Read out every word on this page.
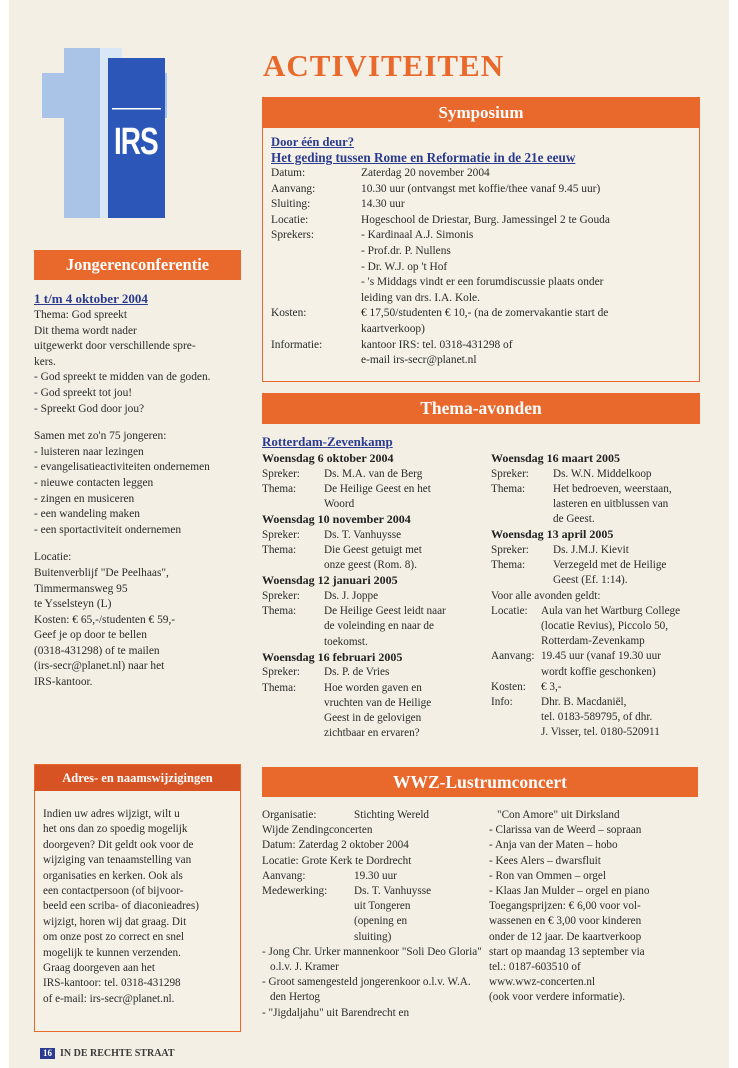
IRS
ACTIVITEITEN
Jongerenconferentie
1 t/m 4 oktober 2004
Thema: God spreekt
Dit thema wordt nader
uitgewerkt door verschillende spre-
kers.
- God spreekt te midden van de goden.
- God spreekt tot jou!
- Spreekt God door jou?
Samen met zo'n 75 jongeren:
- luisteren naar lezingen
- evangelisatieactiviteiten ondernemen
- nieuwe contacten leggen
- zingen en musiceren
- een wandeling maken
- een sportactiviteit ondernemen
Locatie:
Buitenverblijf "De Peelhaas",
Timmermansweg 95
te Ysselsteyn (L)
Kosten: € 65,-/studenten € 59,-
Geef je op door te bellen
(0318-431298) of te mailen
(irs-secr@planet.nl) naar het
IRS-kantoor.
Adres- en naamswijzigingen
Indien uw adres wijzigt, wilt u
het ons dan zo spoedig mogelijk
doorgeven? Dit geldt ook voor de
wijziging van tenaamstelling van
organisaties en kerken. Ook als
een contactpersoon (of bijvoor-
beeld een scriba- of diaconieadres)
wijzigt, horen wij dat graag. Dit
om onze post zo correct en snel
mogelijk te kunnen verzenden.
Graag doorgeven aan het
IRS-kantoor: tel. 0318-431298
of e-mail: irs-secr@planet.nl.
Symposium
Door één deur?
Het geding tussen Rome en Reformatie in de 21e eeuw
Datum:	Zaterdag 20 november 2004
Aanvang:	10.30 uur (ontvangst met koffie/thee vanaf 9.45 uur)
Sluiting:	14.30 uur
Locatie:	Hogeschool de Driestar, Burg. Jamessingel 2 te Gouda
Sprekers:	- Kardinaal A.J. Simonis
- Prof.dr. P. Nullens
- Dr. W.J. op 't Hof
- 's Middags vindt er een forumdiscussie plaats onder
leiding van drs. I.A. Kole.
Kosten:	€ 17,50/studenten € 10,- (na de zomervakantie start de
kaartverkoop)
Informatie:	kantoor IRS: tel. 0318-431298 of
e-mail irs-secr@planet.nl
Thema-avonden
Rotterdam-Zevenkamp
Woensdag 6 oktober 2004
Spreker:	Ds. M.A. van de Berg
Thema:	De Heilige Geest en het
Woord
Woensdag 10 november 2004
Spreker:	Ds. T. Vanhuysse
Thema:	Die Geest getuigt met
onze geest (Rom. 8).
Woensdag 12 januari 2005
Spreker:	Ds. J. Joppe
Thema:	De Heilige Geest leidt naar
de voleinding en naar de
toekomst.
Woensdag 16 februari 2005
Spreker:	Ds. P. de Vries
Thema:	Hoe worden gaven en
vruchten van de Heilige
Geest in de gelovigen
zichtbaar en ervaren?
Woensdag 16 maart 2005
Spreker:	Ds. W.N. Middelkoop
Thema:	Het bedroeven, weerstaan,
lasteren en uitblussen van
de Geest.
Woensdag 13 april 2005
Spreker:	Ds. J.M.J. Kievit
Thema:	Verzegeld met de Heilige
Geest (Ef. 1:14).
Voor alle avonden geldt:
Locatie:	Aula van het Wartburg College
(locatie Revius), Piccolo 50,
Rotterdam-Zevenkamp
Aanvang: 19.45 uur (vanaf 19.30 uur
wordt koffie geschonken)
Kosten:	€ 3,-
Info:	Dhr. B. Macdaniël,
tel. 0183-589795, of dhr.
J. Visser, tel. 0180-520911
WWZ-Lustrumconcert
Organisatie:	Stichting Wereld
Wijde Zendingconcerten
Datum: Zaterdag 2 oktober 2004
Locatie: Grote Kerk te Dordrecht
Aanvang:	19.30 uur
Medewerking:	Ds. T. Vanhuysse
uit Tongeren
(opening en
sluiting)
- Jong Chr. Urker mannenkoor "Soli Deo Gloria" o.l.v. J. Kramer
- Groot samengesteld jongerenkoor o.l.v. W.A. den Hertog
- "Jigdaljahu" uit Barendrecht en
"Con Amore" uit Dirksland
- Clarissa van de Weerd – sopraan
- Anja van der Maten – hobo
- Kees Alers – dwarsfluit
- Ron van Ommen – orgel
- Klaas Jan Mulder – orgel en piano
Toegangsprijzen: € 6,00 voor vol-
wassenen en € 3,00 voor kinderen
onder de 12 jaar. De kaartverkoop
start op maandag 13 september via
tel.: 0187-603510 of
www.wwz-concerten.nl
(ook voor verdere informatie).
16 IN DE RECHTE STRAAT
